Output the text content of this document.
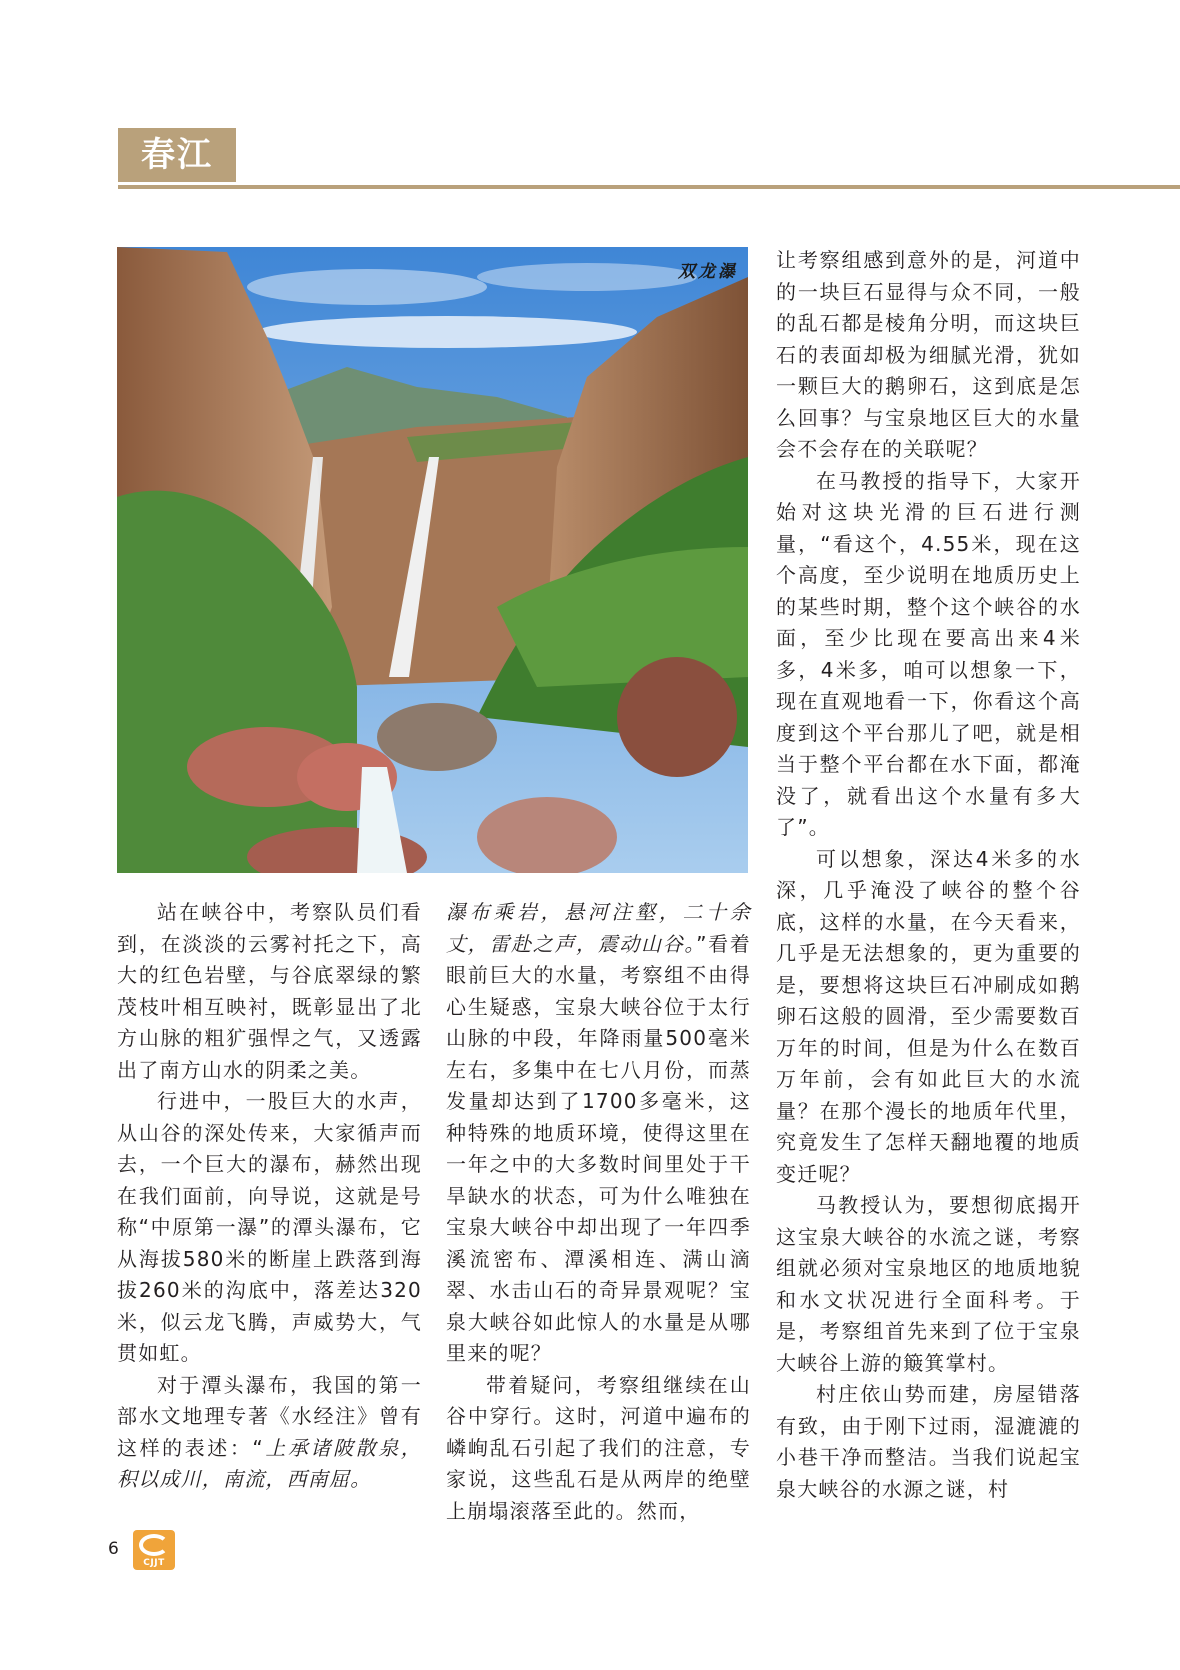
春江
双龙瀑

站在峡谷中，考察队员们看到，在淡淡的云雾衬托之下，高大的红色岩壁，与谷底翠绿的繁茂枝叶相互映衬，既彰显出了北方山脉的粗犷强悍之气，又透露出了南方山水的阴柔之美。

行进中，一股巨大的水声，从山谷的深处传来，大家循声而去，一个巨大的瀑布，赫然出现在我们面前，向导说，这就是号称“中原第一瀑”的潭头瀑布，它从海拔580米的断崖上跌落到海拔260米的沟底中，落差达320米，似云龙飞腾，声威势大，气贯如虹。

对于潭头瀑布，我国的第一部水文地理专著《水经注》曾有这样的表述：“上承诸陂散泉，积以成川，南流，西南屈。

瀑布乘岩，悬河注壑，二十余丈，雷赴之声，震动山谷。”看着眼前巨大的水量，考察组不由得心生疑惑，宝泉大峡谷位于太行山脉的中段，年降雨量500毫米左右，多集中在七八月份，而蒸发量却达到了1700多毫米，这种特殊的地质环境，使得这里在一年之中的大多数时间里处于干旱缺水的状态，可为什么唯独在宝泉大峡谷中却出现了一年四季溪流密布、潭溪相连、满山滴翠、水击山石的奇异景观呢？宝泉大峡谷如此惊人的水量是从哪里来的呢？

带着疑问，考察组继续在山谷中穿行。这时，河道中遍布的嶙峋乱石引起了我们的注意，专家说，这些乱石是从两岸的绝壁上崩塌滚落至此的。然而，

让考察组感到意外的是，河道中的一块巨石显得与众不同，一般的乱石都是棱角分明，而这块巨石的表面却极为细腻光滑，犹如一颗巨大的鹅卵石，这到底是怎么回事？与宝泉地区巨大的水量会不会存在的关联呢？

在马教授的指导下，大家开始对这块光滑的巨石进行测量，“看这个，4.55米，现在这个高度，至少说明在地质历史上的某些时期，整个这个峡谷的水面，至少比现在要高出来4米多，4米多，咱可以想象一下，现在直观地看一下，你看这个高度到这个平台那儿了吧，就是相当于整个平台都在水下面，都淹没了，就看出这个水量有多大了”。

可以想象，深达4米多的水深，几乎淹没了峡谷的整个谷底，这样的水量，在今天看来，几乎是无法想象的，更为重要的是，要想将这块巨石冲刷成如鹅卵石这般的圆滑，至少需要数百万年的时间，但是为什么在数百万年前，会有如此巨大的水流量？在那个漫长的地质年代里，究竟发生了怎样天翻地覆的地质变迁呢？

马教授认为，要想彻底揭开这宝泉大峡谷的水流之谜，考察组就必须对宝泉地区的地质地貌和水文状况进行全面科考。于是，考察组首先来到了位于宝泉大峡谷上游的簸箕掌村。

村庄依山势而建，房屋错落有致，由于刚下过雨，湿漉漉的小巷干净而整洁。当我们说起宝泉大峡谷的水源之谜，村

6
CJJT
